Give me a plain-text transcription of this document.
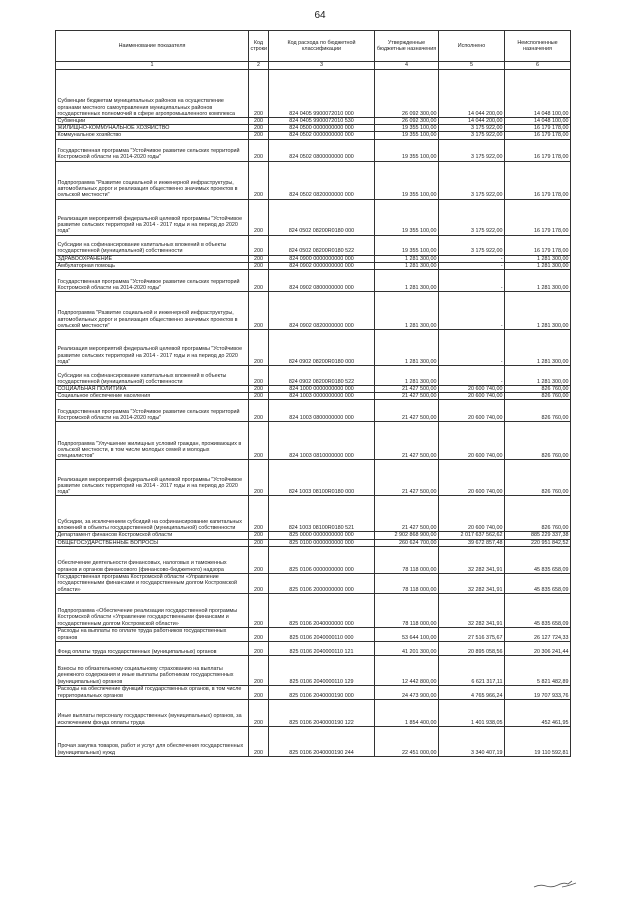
64
Наименование показателя	Код строки	Код расхода по бюджетной классификации	Утвержденные бюджетные назначения	Исполнено	Неисполненные назначения
1	2	3	4	5	6
Субвенции бюджетам муниципальных районов на осуществление органами местного самоуправления муниципальных районов государственных полномочий в сфере агропромышленного комплекса	200	824 0405 9900072010 000	26 092 300,00	14 044 200,00	14 048 100,00
Субвенции	200	824 0405 9900072010 530	26 092 300,00	14 044 200,00	14 048 100,00
ЖИЛИЩНО-КОММУНАЛЬНОЕ ХОЗЯЙСТВО	200	824 0500 0000000000 000	19 355 100,00	3 175 922,00	16 179 178,00
Коммунальное хозяйство	200	824 0502 0000000000 000	19 355 100,00	3 175 922,00	16 179 178,00
Государственная программа "Устойчивое развитие сельских территорий Костромской области на 2014-2020 годы"	200	824 0502 0800000000 000	19 355 100,00	3 175 922,00	16 179 178,00
Подпрограмма "Развитие социальной и инженерной инфраструктуры, автомобильных дорог и реализация общественно значимых проектов в сельской местности"	200	824 0502 0820000000 000	19 355 100,00	3 175 922,00	16 179 178,00
Реализация мероприятий федеральной целевой программы "Устойчивое развитие сельских территорий на 2014 - 2017 годы и на период до 2020 года"	200	824 0502 08200R0180 000	19 355 100,00	3 175 922,00	16 179 178,00
Субсидии на софинансирование капитальных вложений в объекты государственной (муниципальной) собственности	200	824 0502 08200R0180 522	19 355 100,00	3 175 922,00	16 179 178,00
ЗДРАВООХРАНЕНИЕ	200	824 0900 0000000000 000	1 281 300,00	-	1 281 300,00
Амбулаторная помощь	200	824 0902 0000000000 000	1 281 300,00	-	1 281 300,00
Государственная программа "Устойчивое развитие сельских территорий Костромской области на 2014-2020 годы"	200	824 0902 0800000000 000	1 281 300,00	-	1 281 300,00
Подпрограмма "Развитие социальной и инженерной инфраструктуры, автомобильных дорог и реализация общественно значимых проектов в сельской местности"	200	824 0902 0820000000 000	1 281 300,00	-	1 281 300,00
Реализация мероприятий федеральной целевой программы "Устойчивое развитие сельских территорий на 2014 - 2017 годы и на период до 2020 года"	200	824 0902 08200R0180 000	1 281 300,00	-	1 281 300,00
Субсидии на софинансирование капитальных вложений в объекты государственной (муниципальной) собственности	200	824 0902 08200R0180 522	1 281 300,00	-	1 281 300,00
СОЦИАЛЬНАЯ ПОЛИТИКА	200	824 1000 0000000000 000	21 427 500,00	20 600 740,00	826 760,00
Социальное обеспечение населения	200	824 1003 0000000000 000	21 427 500,00	20 600 740,00	826 760,00
Государственная программа "Устойчивое развитие сельских территорий Костромской области на 2014-2020 годы"	200	824 1003 0800000000 000	21 427 500,00	20 600 740,00	826 760,00
Подпрограмма "Улучшение жилищных условий граждан, проживающих в сельской местности, в том числе молодых семей и молодых специалистов"	200	824 1003 0810000000 000	21 427 500,00	20 600 740,00	826 760,00
Реализация мероприятий федеральной целевой программы "Устойчивое развитие сельских территорий на 2014 - 2017 годы и на период до 2020 года"	200	824 1003 08100R0180 000	21 427 500,00	20 600 740,00	826 760,00
Субсидии, за исключением субсидий на софинансирование капитальных вложений в объекты государственной (муниципальной) собственности	200	824 1003 08100R0180 521	21 427 500,00	20 600 740,00	826 760,00
Департамент финансов Костромской области	200	825 0000 0000000000 000	2 902 868 900,00	2 017 637 562,62	885 229 337,38
ОБЩЕГОСУДАРСТВЕННЫЕ ВОПРОСЫ	200	825 0100 0000000000 000	260 624 700,00	39 672 857,48	220 951 842,52
Обеспечение деятельности финансовых, налоговых и таможенных органов и органов финансового (финансово-бюджетного) надзора	200	825 0106 0000000000 000	78 118 000,00	32 282 341,91	45 835 658,09
Государственная программа Костромской области «Управление государственными финансами и государственным долгом Костромской области»	200	825 0106 2000000000 000	78 118 000,00	32 282 341,91	45 835 658,09
Подпрограмма «Обеспечение реализации государственной программы Костромской области «Управление государственными финансами и государственным долгом Костромской области»	200	825 0106 2040000000 000	78 118 000,00	32 282 341,91	45 835 658,09
Расходы на выплаты по оплате труда работников государственных органов	200	825 0106 2040000110 000	53 644 100,00	27 516 375,67	26 127 724,33
Фонд оплаты труда государственных (муниципальных) органов	200	825 0106 2040000110 121	41 201 300,00	20 895 058,56	20 306 241,44
Взносы по обязательному социальному страхованию на выплаты денежного содержания и иные выплаты работникам государственных (муниципальных) органов	200	825 0106 2040000110 129	12 442 800,00	6 621 317,11	5 821 482,89
Расходы на обеспечение функций государственных органов, в том числе территориальных органов	200	825 0106 2040000190 000	24 473 900,00	4 765 966,24	19 707 933,76
Иные выплаты персоналу государственных (муниципальных) органов, за исключением фонда оплаты труда	200	825 0106 2040000190 122	1 854 400,00	1 401 938,05	452 461,95
Прочая закупка товаров, работ и услуг для обеспечения государственных (муниципальных) нужд	200	825 0106 2040000190 244	22 451 000,00	3 340 407,19	19 110 592,81
